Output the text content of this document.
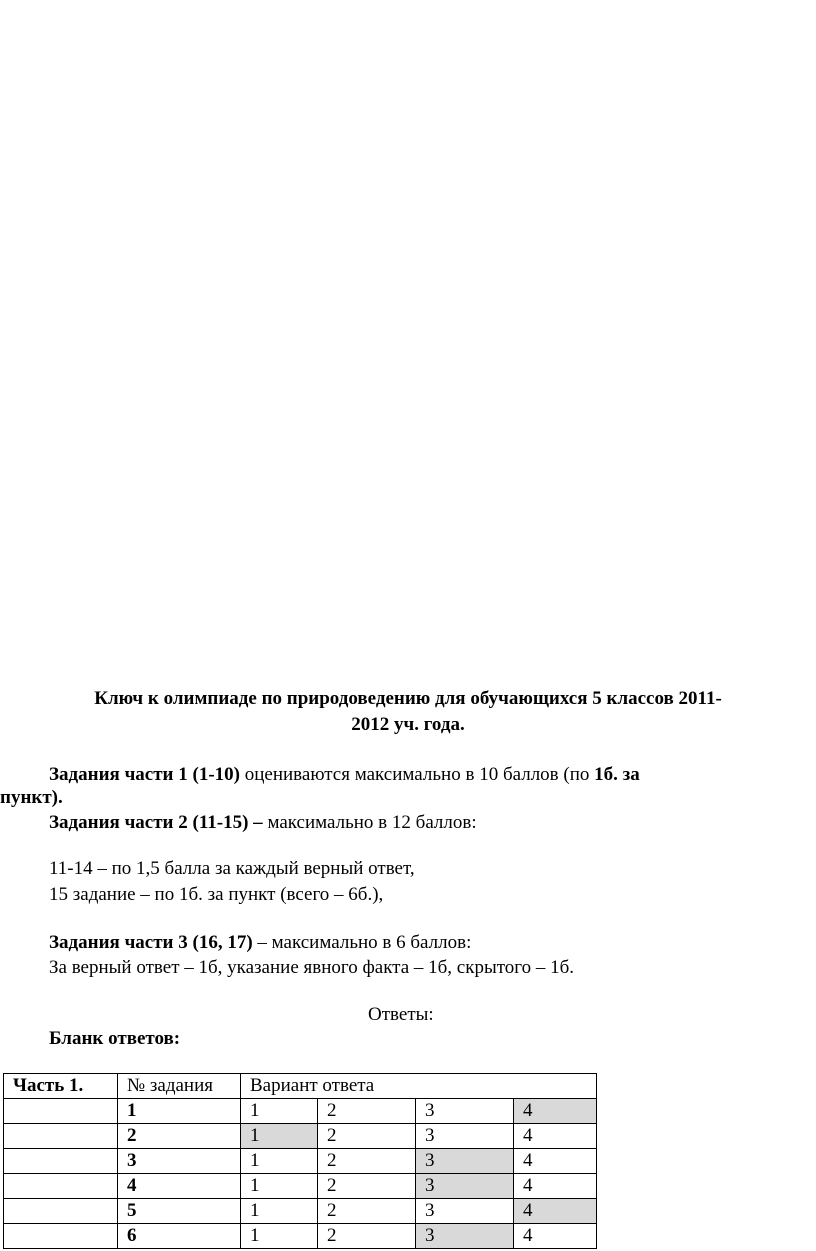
Ключ к олимпиаде по природоведению для обучающихся 5 классов 2011-
2012 уч. года.
Задания части 1 (1-10) оцениваются максимально в 10 баллов (по 1б. за
пункт).
Задания части 2 (11-15) – максимально в 12 баллов:
11-14 – по 1,5 балла за каждый верный ответ,
15 задание – по 1б. за пункт (всего – 6б.),
Задания части 3 (16, 17) – максимально в 6 баллов:
За верный ответ – 1б, указание явного факта – 1б, скрытого – 1б.
Ответы:
Бланк ответов:
Часть 1.	№ задания	Вариант ответа			
	1	1	2	3	4
	2	1	2	3	4
	3	1	2	3	4
	4	1	2	3	4
	5	1	2	3	4
	6	1	2	3	4
